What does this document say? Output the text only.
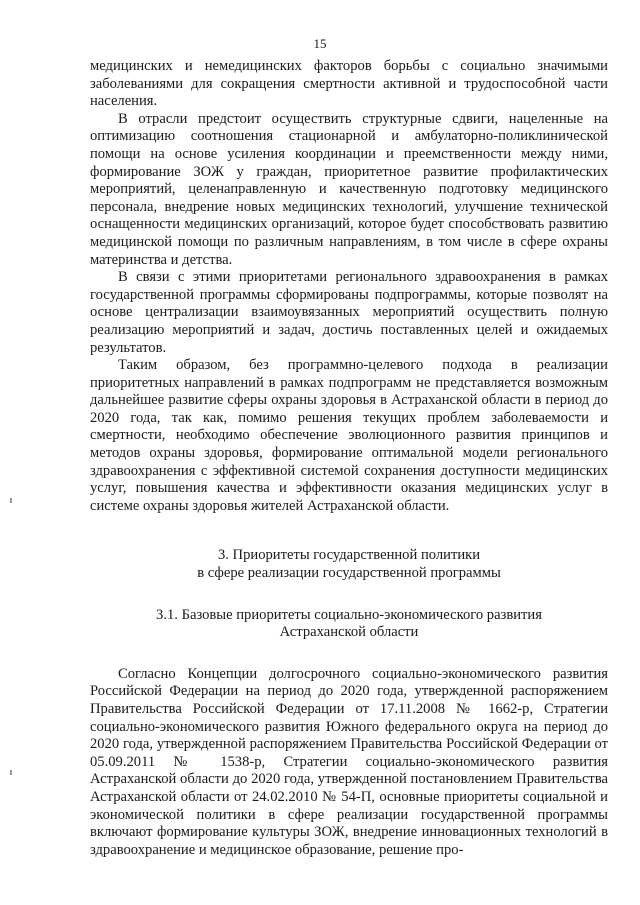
15

медицинских и немедицинских факторов борьбы с социально значимыми заболеваниями для сокращения смертности активной и трудоспособной части населения.

В отрасли предстоит осуществить структурные сдвиги, нацеленные на оптимизацию соотношения стационарной и амбулаторно-поликлинической помощи на основе усиления координации и преемственности между ними, формирование ЗОЖ у граждан, приоритетное развитие профилактических мероприятий, целенаправленную и качественную подготовку медицинского персонала, внедрение новых медицинских технологий, улучшение технической оснащенности медицинских организаций, которое будет способствовать развитию медицинской помощи по различным направлениям, в том числе в сфере охраны материнства и детства.

В связи с этими приоритетами регионального здравоохранения в рамках государственной программы сформированы подпрограммы, которые позволят на основе централизации взаимоувязанных мероприятий осуществить полную реализацию мероприятий и задач, достичь поставленных целей и ожидаемых результатов.

Таким образом, без программно-целевого подхода в реализации приоритетных направлений в рамках подпрограмм не представляется возможным дальнейшее развитие сферы охраны здоровья в Астраханской области в период до 2020 года, так как, помимо решения текущих проблем заболеваемости и смертности, необходимо обеспечение эволюционного развития принципов и методов охраны здоровья, формирование оптимальной модели регионального здравоохранения с эффективной системой сохранения доступности медицинских услуг, повышения качества и эффективности оказания медицинских услуг в системе охраны здоровья жителей Астраханской области.

3. Приоритеты государственной политики
в сфере реализации государственной программы
3.1. Базовые приоритеты социально-экономического развития
Астраханской области

Согласно Концепции долгосрочного социально-экономического развития Российской Федерации на период до 2020 года, утвержденной распоряжением Правительства Российской Федерации от 17.11.2008 № 1662-р, Стратегии социально-экономического развития Южного федерального округа на период до 2020 года, утвержденной распоряжением Правительства Российской Федерации от 05.09.2011 № 1538-р, Стратегии социально-экономического развития Астраханской области до 2020 года, утвержденной постановлением Правительства Астраханской области от 24.02.2010 № 54-П, основные приоритеты социальной и экономической политики в сфере реализации государственной программы включают формирование культуры ЗОЖ, внедрение инновационных технологий в здравоохранение и медицинское образование, решение про-
